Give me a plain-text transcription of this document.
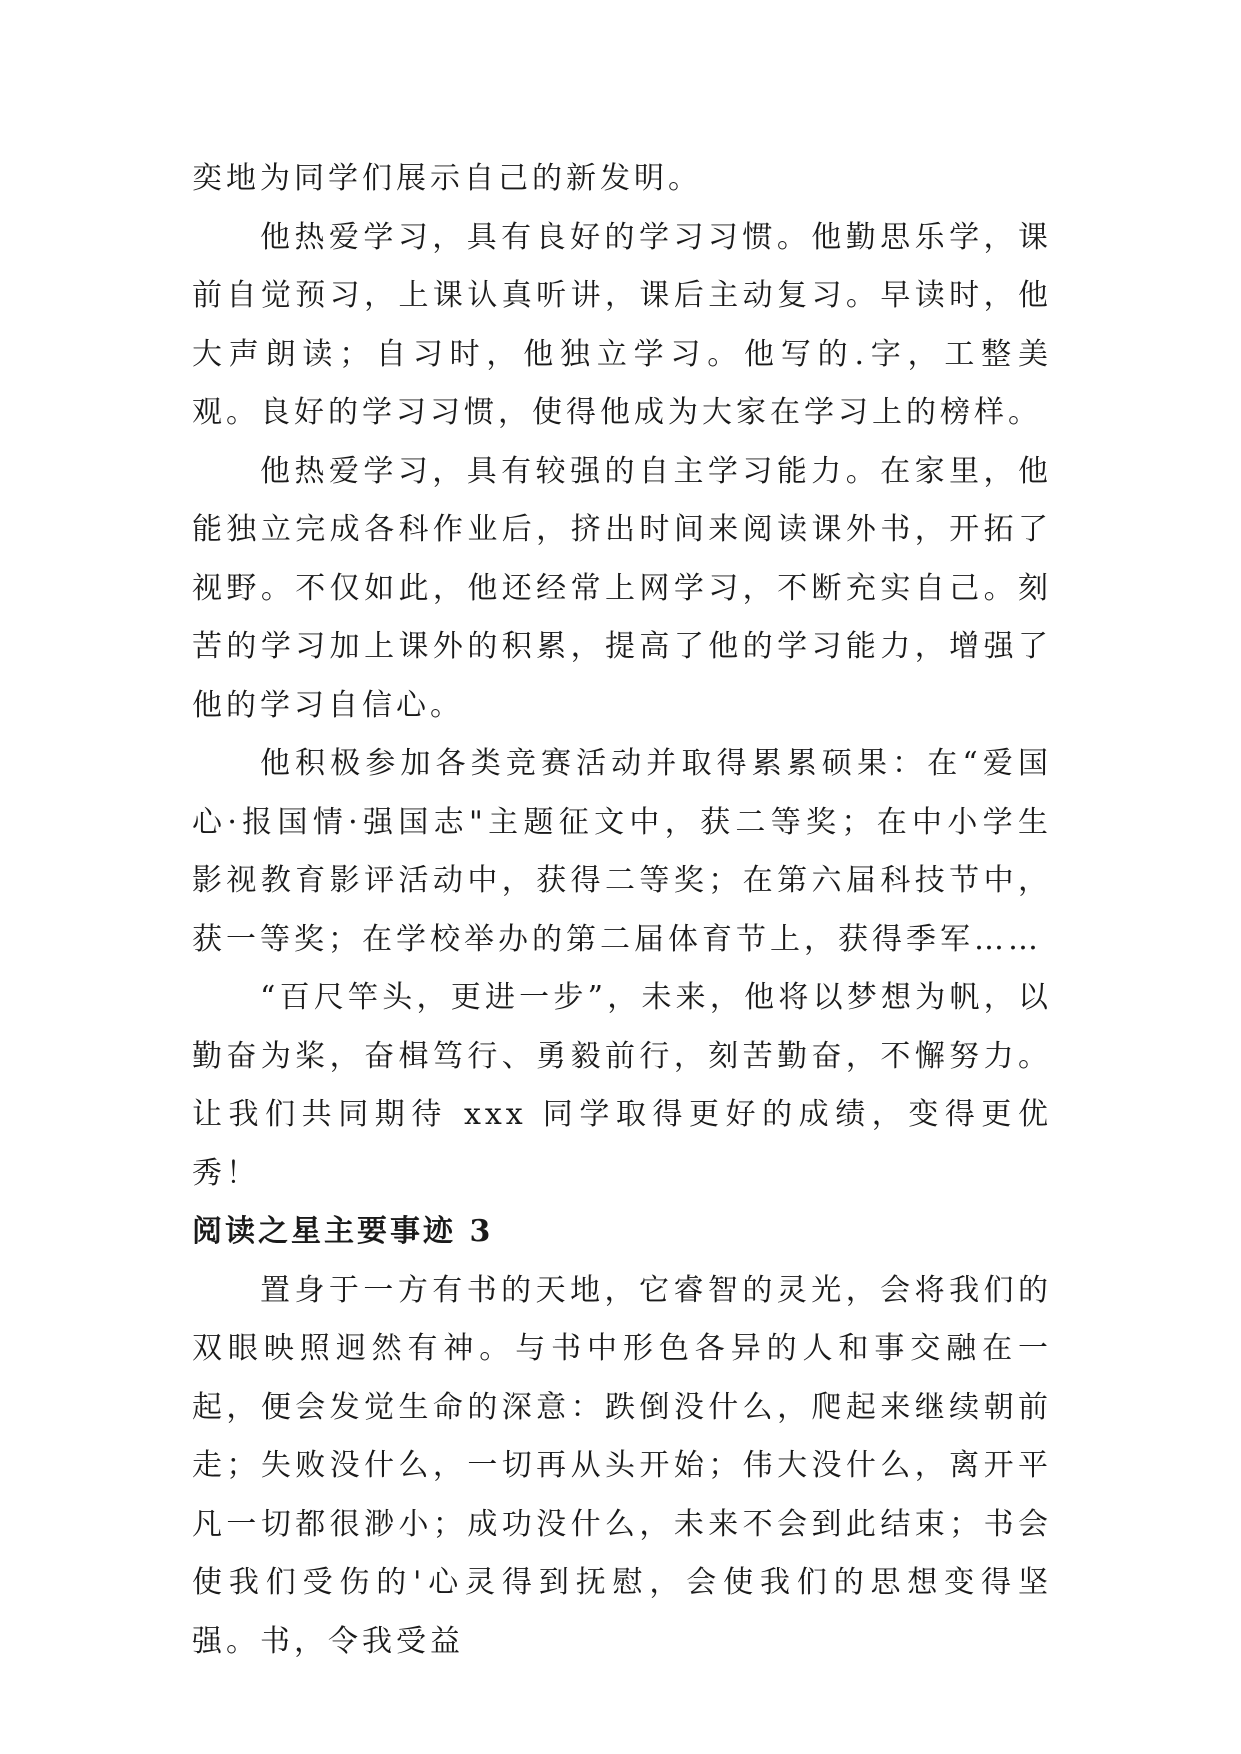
奕地为同学们展示自己的新发明。

他热爱学习，具有良好的学习习惯。他勤思乐学，课前自觉预习，上课认真听讲，课后主动复习。早读时，他大声朗读；自习时，他独立学习。他写的.字，工整美观。良好的学习习惯，使得他成为大家在学习上的榜样。

他热爱学习，具有较强的自主学习能力。在家里，他能独立完成各科作业后，挤出时间来阅读课外书，开拓了视野。不仅如此，他还经常上网学习，不断充实自己。刻苦的学习加上课外的积累，提高了他的学习能力，增强了他的学习自信心。

他积极参加各类竞赛活动并取得累累硕果：在“爱国心·报国情·强国志"主题征文中，获二等奖；在中小学生影视教育影评活动中，获得二等奖；在第六届科技节中，获一等奖；在学校举办的第二届体育节上，获得季军……

“百尺竿头，更进一步”，未来，他将以梦想为帆，以勤奋为桨，奋楫笃行、勇毅前行，刻苦勤奋，不懈努力。让我们共同期待 xxx 同学取得更好的成绩，变得更优秀！

阅读之星主要事迹 3

置身于一方有书的天地，它睿智的灵光，会将我们的双眼映照迥然有神。与书中形色各异的人和事交融在一起，便会发觉生命的深意：跌倒没什么，爬起来继续朝前走；失败没什么，一切再从头开始；伟大没什么，离开平凡一切都很渺小；成功没什么，未来不会到此结束；书会使我们受伤的'心灵得到抚慰，会使我们的思想变得坚强。书，令我受益
